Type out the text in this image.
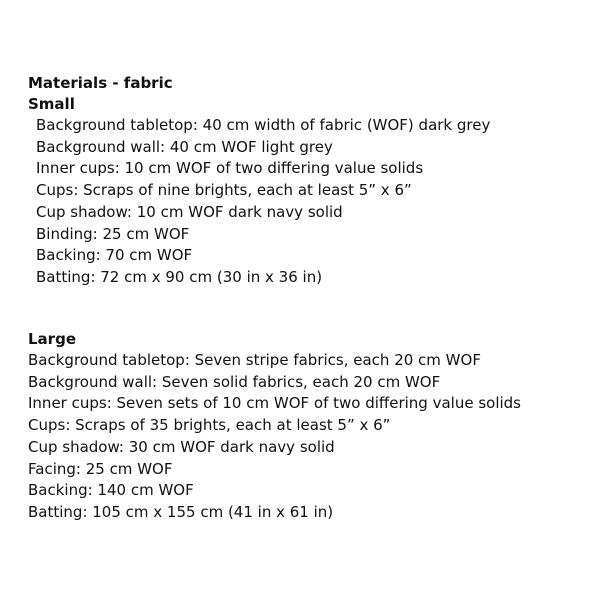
Materials - fabric
Small
Background tabletop: 40 cm width of fabric (WOF) dark grey
Background wall: 40 cm WOF light grey
Inner cups: 10 cm WOF of two differing value solids
Cups: Scraps of nine brights, each at least 5” x 6”
Cup shadow: 10 cm WOF dark navy solid
Binding: 25 cm WOF
Backing: 70 cm WOF
Batting: 72 cm x 90 cm (30 in x 36 in)
Large
Background tabletop: Seven stripe fabrics, each 20 cm WOF
Background wall: Seven solid fabrics, each 20 cm WOF
Inner cups: Seven sets of 10 cm WOF of two differing value solids
Cups: Scraps of 35 brights, each at least 5” x 6”
Cup shadow: 30 cm WOF dark navy solid
Facing: 25 cm WOF
Backing: 140 cm WOF
Batting: 105 cm x 155 cm (41 in x 61 in)
